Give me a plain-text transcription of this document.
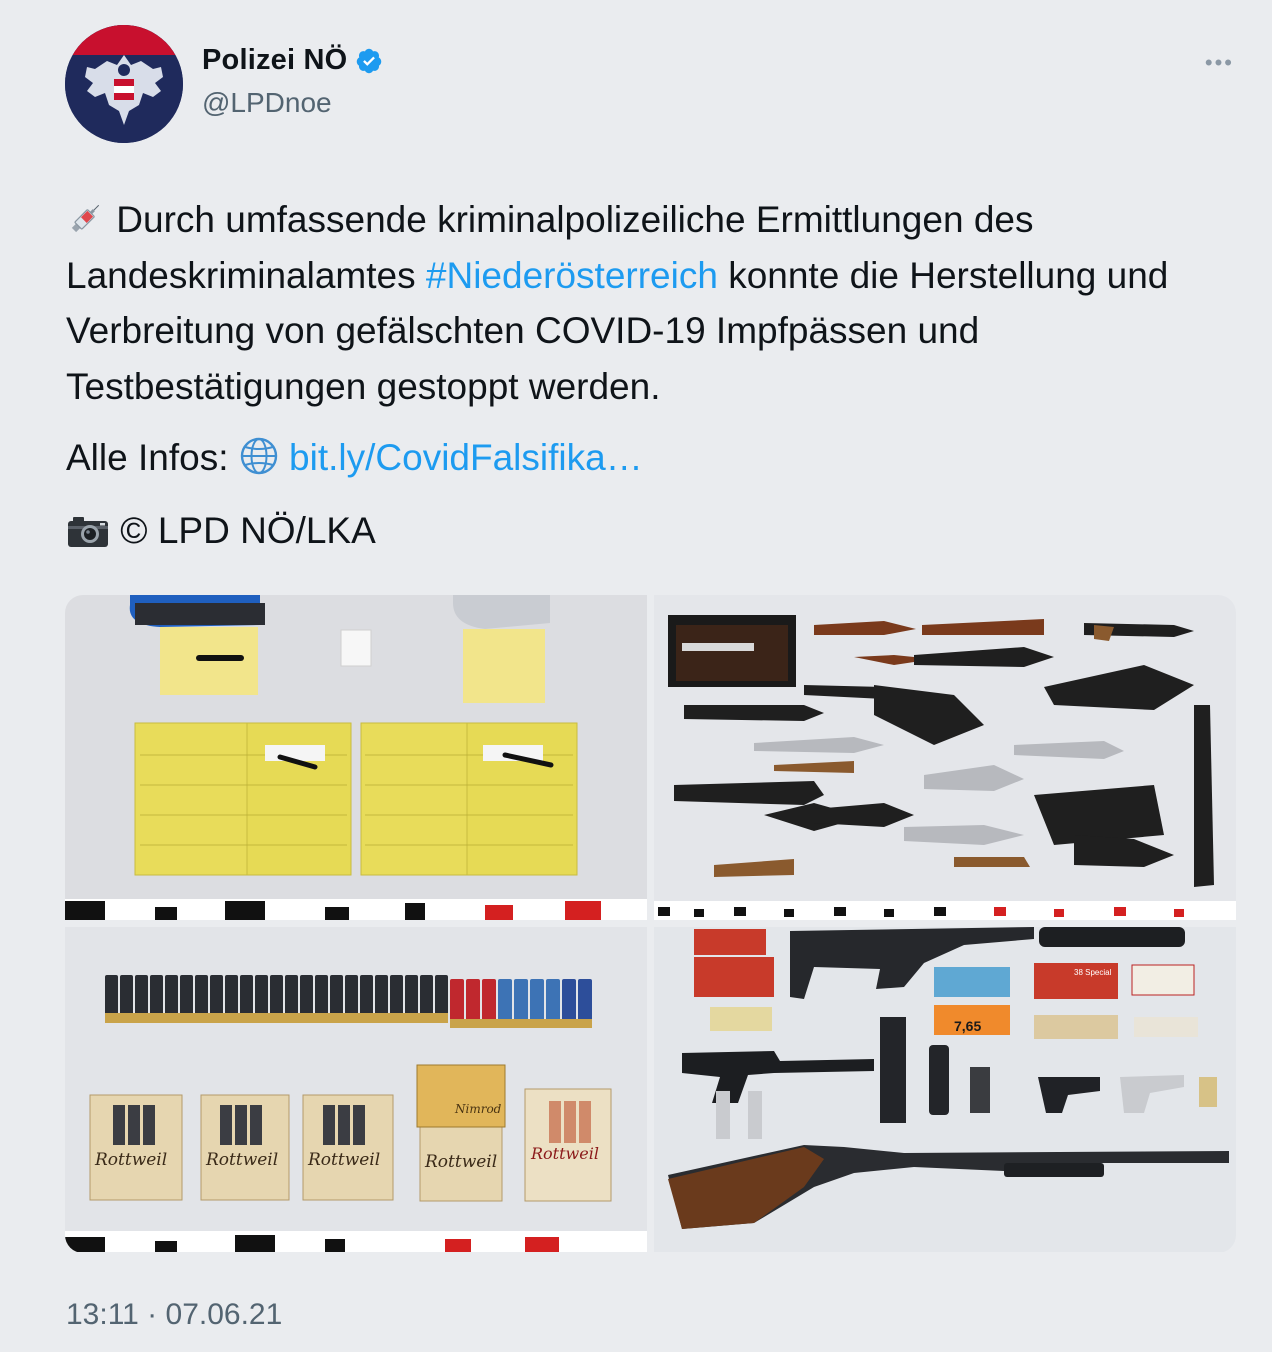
Polizei NÖ
@LPDnoe
•••
Durch umfassende kriminalpolizeiliche Ermittlungen des Landeskriminalamtes #Niederösterreich konnte die Herstellung und Verbreitung von gefälschten COVID-19 Impfpässen und Testbestätigungen gestoppt werden.
Alle Infos:  bit.ly/CovidFalsifika…
© LPD NÖ/LKA
Rottweil Rottweil Rottweil	Rottweil Rottweil
Nimrod
7,65
38 Special
13:11 · 07.06.21
